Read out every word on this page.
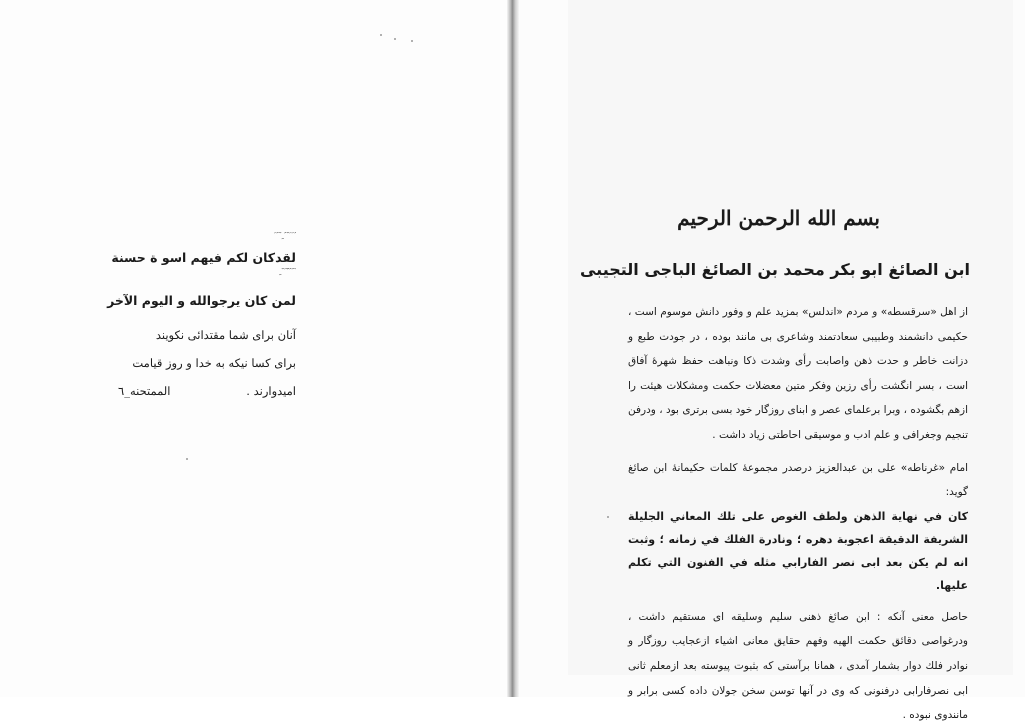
َ ُ َ َ ْ ُ ِ ْ ُ َ
لقدكان لكم فيهم اسو ة حسنة
َ ْ ُ ُ ّ َ ْ ِ
لمن كان يرجوالله و اليوم الآخر
آنان برای شما مقتدائی نکویند
برای کسا نیکه به خدا و روز قیامت
امیدوارند .
الممتحنه_٦
بسم الله الرحمن الرحيم
ابن الصائغ ابو بكر محمد بن الصائغ الباجى التجيبى

از اهل «سرقسطه» و مردم «اندلس» بمزيد علم و وفور دانش موسوم است ، حكيمی دانشمند وطبيبی سعادتمند وشاعری بی مانند بوده ، در جودت طبع و دزانت خاطر و حدت ذهن واصابت رأی وشدت ذكا ونباهت حفظ شهرۀ آفاق است ، بسر انگشت رأی رزين وفكر متين معضلات حكمت ومشكلات هيئت را ازهم بگشوده ، وبرا برعلمای عصر و ابنای روزگار خود بسی برتری بود ، ودرفن تنجيم وجغرافی و علم ادب و موسيقی احاطتی زیاد داشت .

امام «غرناطه» علی بن عبدالعزیز درصدر مجموعۀ كلمات حكيمانۀ ابن صائغ گوید:

كان في نهاية الذهن ولطف الغوص على تلك المعاني الجليلة الشريفة الدقيقة اعجوبة دهره ؛ ونادرة الفلك في زمانه ؛ وثبت انه لم يكن بعد ابى نصر الفارابي مثله في الفنون التي تكلم عليها.

حاصل معنی آنكه : ابن صائغ ذهنی سليم وسليقه ای مستقيم داشت ، ودرغواصی دقائق حكمت الهيه وفهم حقايق معانی اشياء ازعجايب روزگار و نوادر فلك دوار بشمار آمدی ، همانا برآستی كه بثبوت پيوسته بعد ازمعلم ثانی ابی نصرفارابی درفنونی كه وی در آنها توسن سخن جولان داده كسی برابر و مانندوی نبوده .
